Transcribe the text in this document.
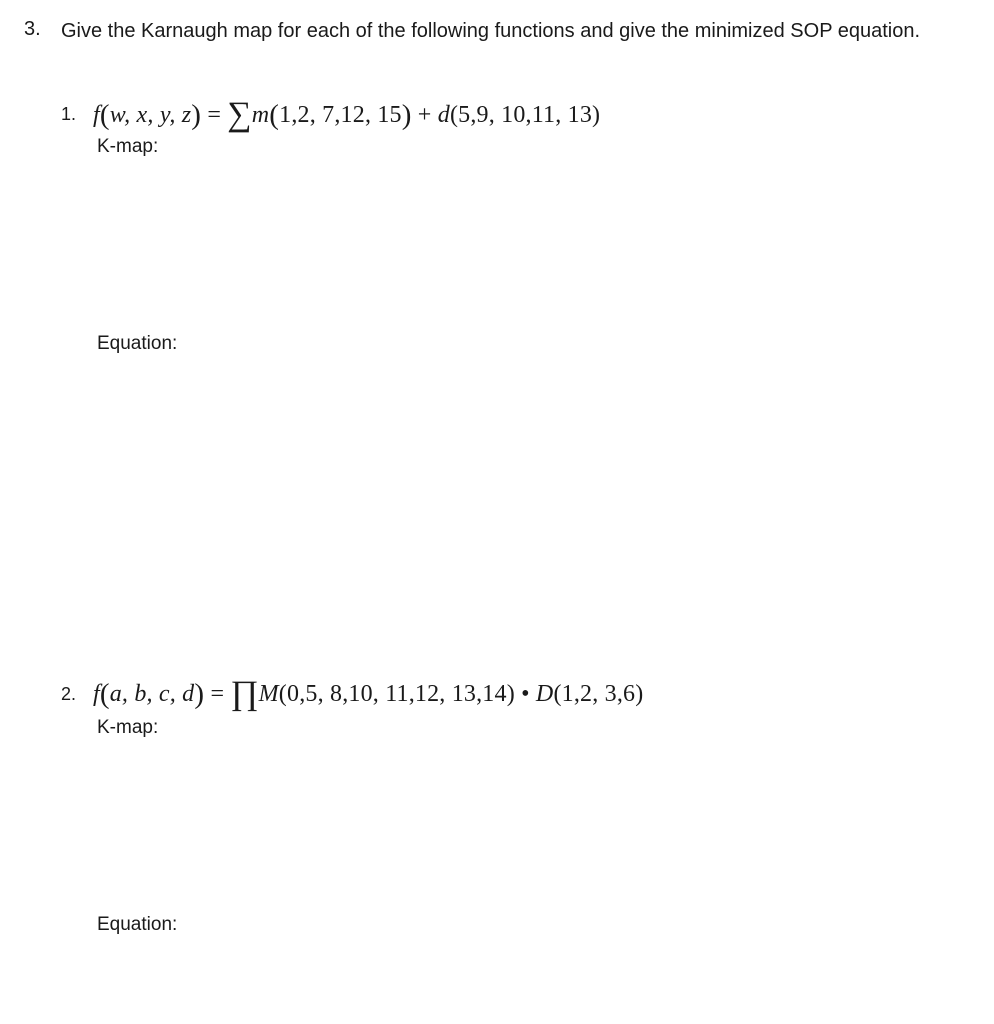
3. Give the Karnaugh map for each of the following functions and give the minimized SOP equation.
1. f(w, x, y, z) = ∑m(1,2, 7,12, 15) + d(5,9, 10,11, 13)
K-map:
Equation:
2. f(a, b, c, d) = ∏M(0,5, 8,10, 11,12, 13,14) • D(1,2, 3,6)
K-map:
Equation:
